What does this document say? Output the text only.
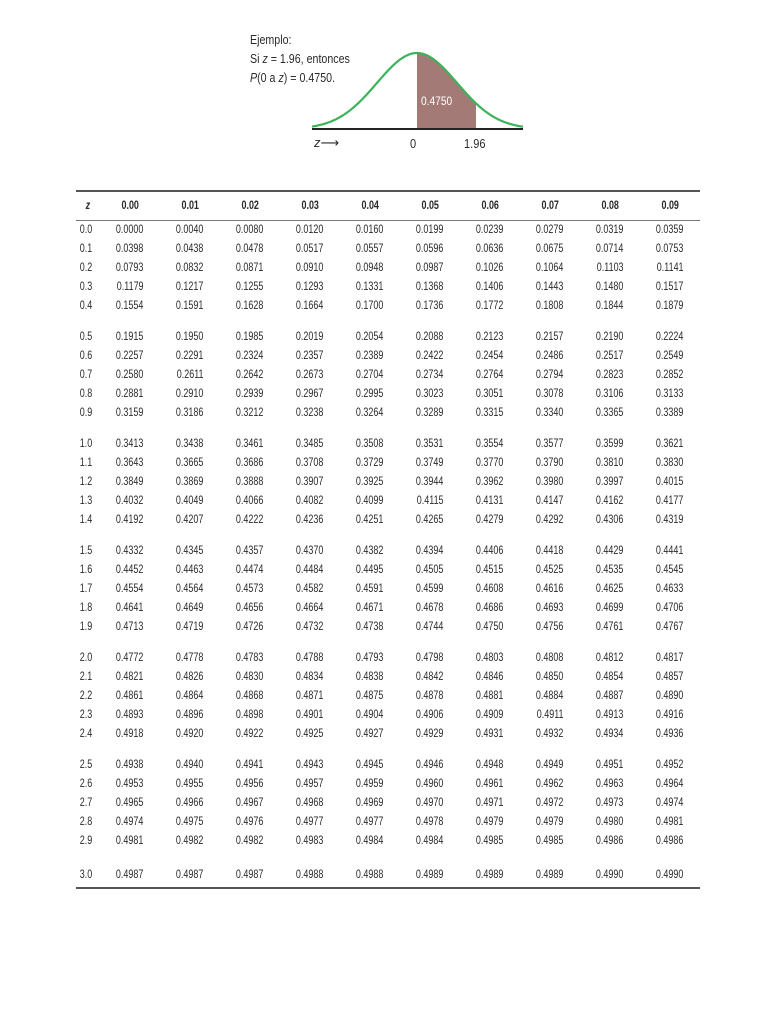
Ejemplo:
Si z = 1.96, entonces
P(0 a z) = 0.4750.
0.4750
z⟶	0	1.96
z	0.00	0.01	0.02	0.03	0.04	0.05	0.06	0.07	0.08	0.09
0.0	0.0000	0.0040	0.0080	0.0120	0.0160	0.0199	0.0239	0.0279	0.0319	0.0359
0.1	0.0398	0.0438	0.0478	0.0517	0.0557	0.0596	0.0636	0.0675	0.0714	0.0753
0.2	0.0793	0.0832	0.0871	0.0910	0.0948	0.0987	0.1026	0.1064	0.1103	0.1141
0.3	0.1179	0.1217	0.1255	0.1293	0.1331	0.1368	0.1406	0.1443	0.1480	0.1517
0.4	0.1554	0.1591	0.1628	0.1664	0.1700	0.1736	0.1772	0.1808	0.1844	0.1879

0.5	0.1915	0.1950	0.1985	0.2019	0.2054	0.2088	0.2123	0.2157	0.2190	0.2224
0.6	0.2257	0.2291	0.2324	0.2357	0.2389	0.2422	0.2454	0.2486	0.2517	0.2549
0.7	0.2580	0.2611	0.2642	0.2673	0.2704	0.2734	0.2764	0.2794	0.2823	0.2852
0.8	0.2881	0.2910	0.2939	0.2967	0.2995	0.3023	0.3051	0.3078	0.3106	0.3133
0.9	0.3159	0.3186	0.3212	0.3238	0.3264	0.3289	0.3315	0.3340	0.3365	0.3389

1.0	0.3413	0.3438	0.3461	0.3485	0.3508	0.3531	0.3554	0.3577	0.3599	0.3621
1.1	0.3643	0.3665	0.3686	0.3708	0.3729	0.3749	0.3770	0.3790	0.3810	0.3830
1.2	0.3849	0.3869	0.3888	0.3907	0.3925	0.3944	0.3962	0.3980	0.3997	0.4015
1.3	0.4032	0.4049	0.4066	0.4082	0.4099	0.4115	0.4131	0.4147	0.4162	0.4177
1.4	0.4192	0.4207	0.4222	0.4236	0.4251	0.4265	0.4279	0.4292	0.4306	0.4319

1.5	0.4332	0.4345	0.4357	0.4370	0.4382	0.4394	0.4406	0.4418	0.4429	0.4441
1.6	0.4452	0.4463	0.4474	0.4484	0.4495	0.4505	0.4515	0.4525	0.4535	0.4545
1.7	0.4554	0.4564	0.4573	0.4582	0.4591	0.4599	0.4608	0.4616	0.4625	0.4633
1.8	0.4641	0.4649	0.4656	0.4664	0.4671	0.4678	0.4686	0.4693	0.4699	0.4706
1.9	0.4713	0.4719	0.4726	0.4732	0.4738	0.4744	0.4750	0.4756	0.4761	0.4767

2.0	0.4772	0.4778	0.4783	0.4788	0.4793	0.4798	0.4803	0.4808	0.4812	0.4817
2.1	0.4821	0.4826	0.4830	0.4834	0.4838	0.4842	0.4846	0.4850	0.4854	0.4857
2.2	0.4861	0.4864	0.4868	0.4871	0.4875	0.4878	0.4881	0.4884	0.4887	0.4890
2.3	0.4893	0.4896	0.4898	0.4901	0.4904	0.4906	0.4909	0.4911	0.4913	0.4916
2.4	0.4918	0.4920	0.4922	0.4925	0.4927	0.4929	0.4931	0.4932	0.4934	0.4936

2.5	0.4938	0.4940	0.4941	0.4943	0.4945	0.4946	0.4948	0.4949	0.4951	0.4952
2.6	0.4953	0.4955	0.4956	0.4957	0.4959	0.4960	0.4961	0.4962	0.4963	0.4964
2.7	0.4965	0.4966	0.4967	0.4968	0.4969	0.4970	0.4971	0.4972	0.4973	0.4974
2.8	0.4974	0.4975	0.4976	0.4977	0.4977	0.4978	0.4979	0.4979	0.4980	0.4981
2.9	0.4981	0.4982	0.4982	0.4983	0.4984	0.4984	0.4985	0.4985	0.4986	0.4986

3.0	0.4987	0.4987	0.4987	0.4988	0.4988	0.4989	0.4989	0.4989	0.4990	0.4990
